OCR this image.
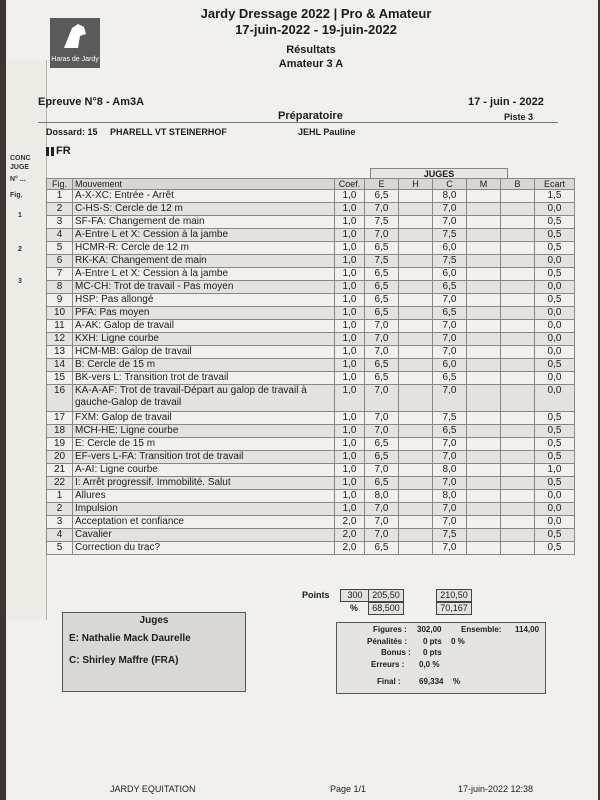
CONC
JUGE
N° ...
Fig.
1
2
3
Haras de Jardy
Jardy Dressage 2022 | Pro & Amateur
17-juin-2022 - 19-juin-2022
Résultats
Amateur 3 A
Epreuve N°8 - Am3A	17 - juin - 2022
Préparatoire	Piste 3
Dossard: 15 PHARELL VT STEINERHOF	JEHL Pauline
FR
JUGES
Fig.	Mouvement	Coef.	E	H	C	M	B	Ecart
1	A-X-XC: Entrée - Arrêt	1,0	6,5		8,0			1,5
2	C-HS-S: Cercle de 12 m	1,0	7,0		7,0			0,0
3	SF-FA: Changement de main	1,0	7,5		7,0			0,5
4	A-Entre L et X: Cession à la jambe	1,0	7,0		7,5			0,5
5	HCMR-R: Cercle de 12 m	1,0	6,5		6,0			0,5
6	RK-KA: Changement de main	1,0	7,5		7,5			0,0
7	A-Entre L et X: Cession à la jambe	1,0	6,5		6,0			0,5
8	MC-CH: Trot de travail - Pas moyen	1,0	6,5		6,5			0,0
9	HSP: Pas allongé	1,0	6,5		7,0			0,5
10	PFA: Pas moyen	1,0	6,5		6,5			0,0
11	A-AK: Galop de travail	1,0	7,0		7,0			0,0
12	KXH: Ligne courbe	1,0	7,0		7,0			0,0
13	HCM-MB: Galop de travail	1,0	7,0		7,0			0,0
14	B: Cercle de 15 m	1,0	6,5		6,0			0,5
15	BK-vers L: Transition trot de travail	1,0	6,5		6,5			0,0
16	KA-A-AF: Trot de travail-Départ au galop de travail à gauche-Galop de travail	1,0	7,0		7,0			0,0
17	FXM: Galop de travail	1,0	7,0		7,5			0,5
18	MCH-HE: Ligne courbe	1,0	7,0		6,5			0,5
19	E: Cercle de 15 m	1,0	6,5		7,0			0,5
20	EF-vers L-FA: Transition trot de travail	1,0	6,5		7,0			0,5
21	A-AI: Ligne courbe	1,0	7,0		8,0			1,0
22	I: Arrêt progressif. Immobilité. Salut	1,0	6,5		7,0			0,5
1	Allures	1,0	8,0		8,0			0,0
2	Impulsion	1,0	7,0		7,0			0,0
3	Acceptation et confiance	2,0	7,0		7,0			0,0
4	Cavalier	2,0	7,0		7,5			0,5
5	Correction du trac?	2,0	6,5		7,0			0,5
Points	300	205,50	210,50
%	68,500	70,167
Juges
E: Nathalie Mack Daurelle
C: Shirley Maffre (FRA)
Figures : 302,00 Ensemble: 114,00
Pénalités : 0 pts 0 %
Bonus : 0 pts
Erreurs : 0,0 %
Final : 69,334 %
JARDY EQUITATION	Page 1/1	17-juin-2022 12:38
